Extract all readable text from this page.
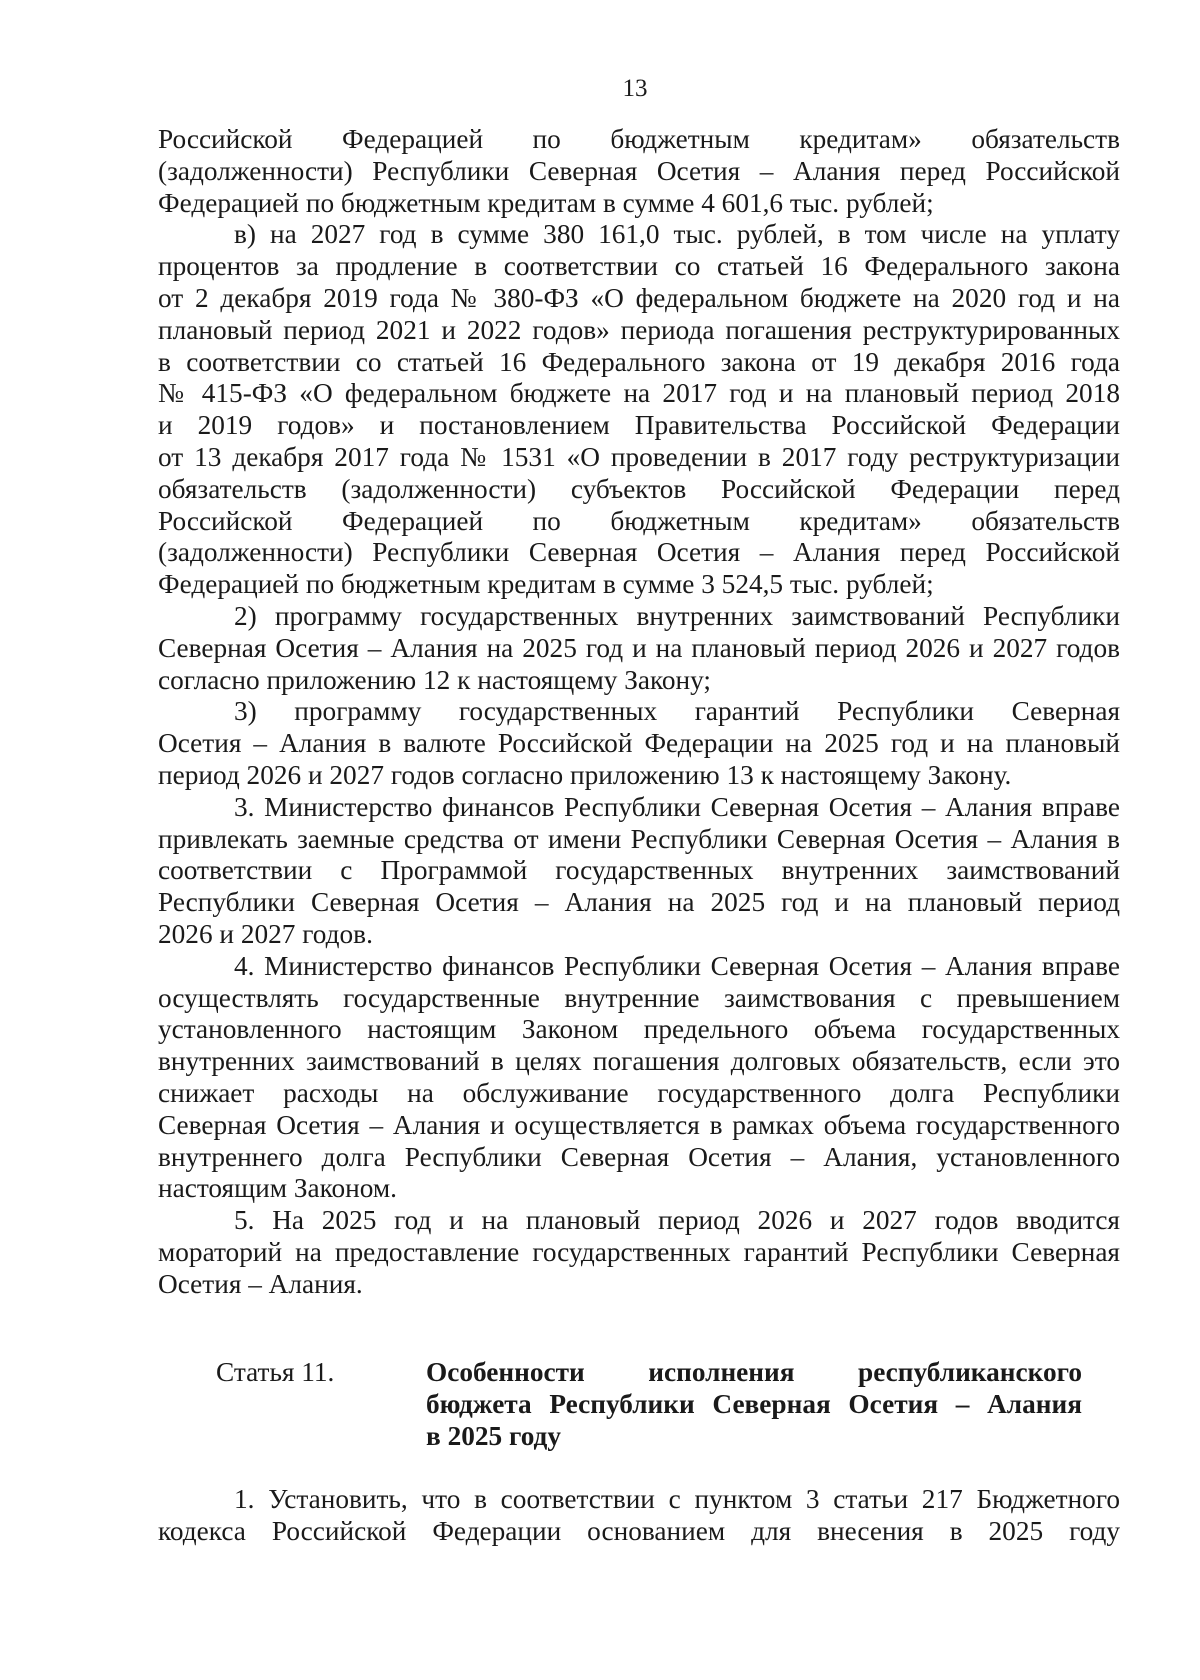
13
Российской Федерацией по бюджетным кредитам» обязательств
(задолженности) Республики Северная Осетия – Алания перед Российской
Федерацией по бюджетным кредитам в сумме 4 601,6 тыс. рублей;
в) на 2027 год в сумме 380 161,0 тыс. рублей, в том числе на уплату
процентов за продление в соответствии со статьей 16 Федерального закона
от 2 декабря 2019 года № 380-ФЗ «О федеральном бюджете на 2020 год и на
плановый период 2021 и 2022 годов» периода погашения реструктурированных
в соответствии со статьей 16 Федерального закона от 19 декабря 2016 года
№ 415-ФЗ «О федеральном бюджете на 2017 год и на плановый период 2018
и 2019 годов» и постановлением Правительства Российской Федерации
от 13 декабря 2017 года № 1531 «О проведении в 2017 году реструктуризации
обязательств (задолженности) субъектов Российской Федерации перед
Российской Федерацией по бюджетным кредитам» обязательств
(задолженности) Республики Северная Осетия – Алания перед Российской
Федерацией по бюджетным кредитам в сумме 3 524,5 тыс. рублей;
2) программу государственных внутренних заимствований Республики
Северная Осетия – Алания на 2025 год и на плановый период 2026 и 2027 годов
согласно приложению 12 к настоящему Закону;
3) программу государственных гарантий Республики Северная
Осетия – Алания в валюте Российской Федерации на 2025 год и на плановый
период 2026 и 2027 годов согласно приложению 13 к настоящему Закону.
3. Министерство финансов Республики Северная Осетия – Алания вправе
привлекать заемные средства от имени Республики Северная Осетия – Алания в
соответствии с Программой государственных внутренних заимствований
Республики Северная Осетия – Алания на 2025 год и на плановый период
2026 и 2027 годов.
4. Министерство финансов Республики Северная Осетия – Алания вправе
осуществлять государственные внутренние заимствования с превышением
установленного настоящим Законом предельного объема государственных
внутренних заимствований в целях погашения долговых обязательств, если это
снижает расходы на обслуживание государственного долга Республики
Северная Осетия – Алания и осуществляется в рамках объема государственного
внутреннего долга Республики Северная Осетия – Алания, установленного
настоящим Законом.
5. На 2025 год и на плановый период 2026 и 2027 годов вводится
мораторий на предоставление государственных гарантий Республики Северная
Осетия – Алания.
Статья 11.	Особенности исполнения республиканского
бюджета Республики Северная Осетия – Алания
в 2025 году
1. Установить, что в соответствии с пунктом 3 статьи 217 Бюджетного
кодекса Российской Федерации основанием для внесения в 2025 году
